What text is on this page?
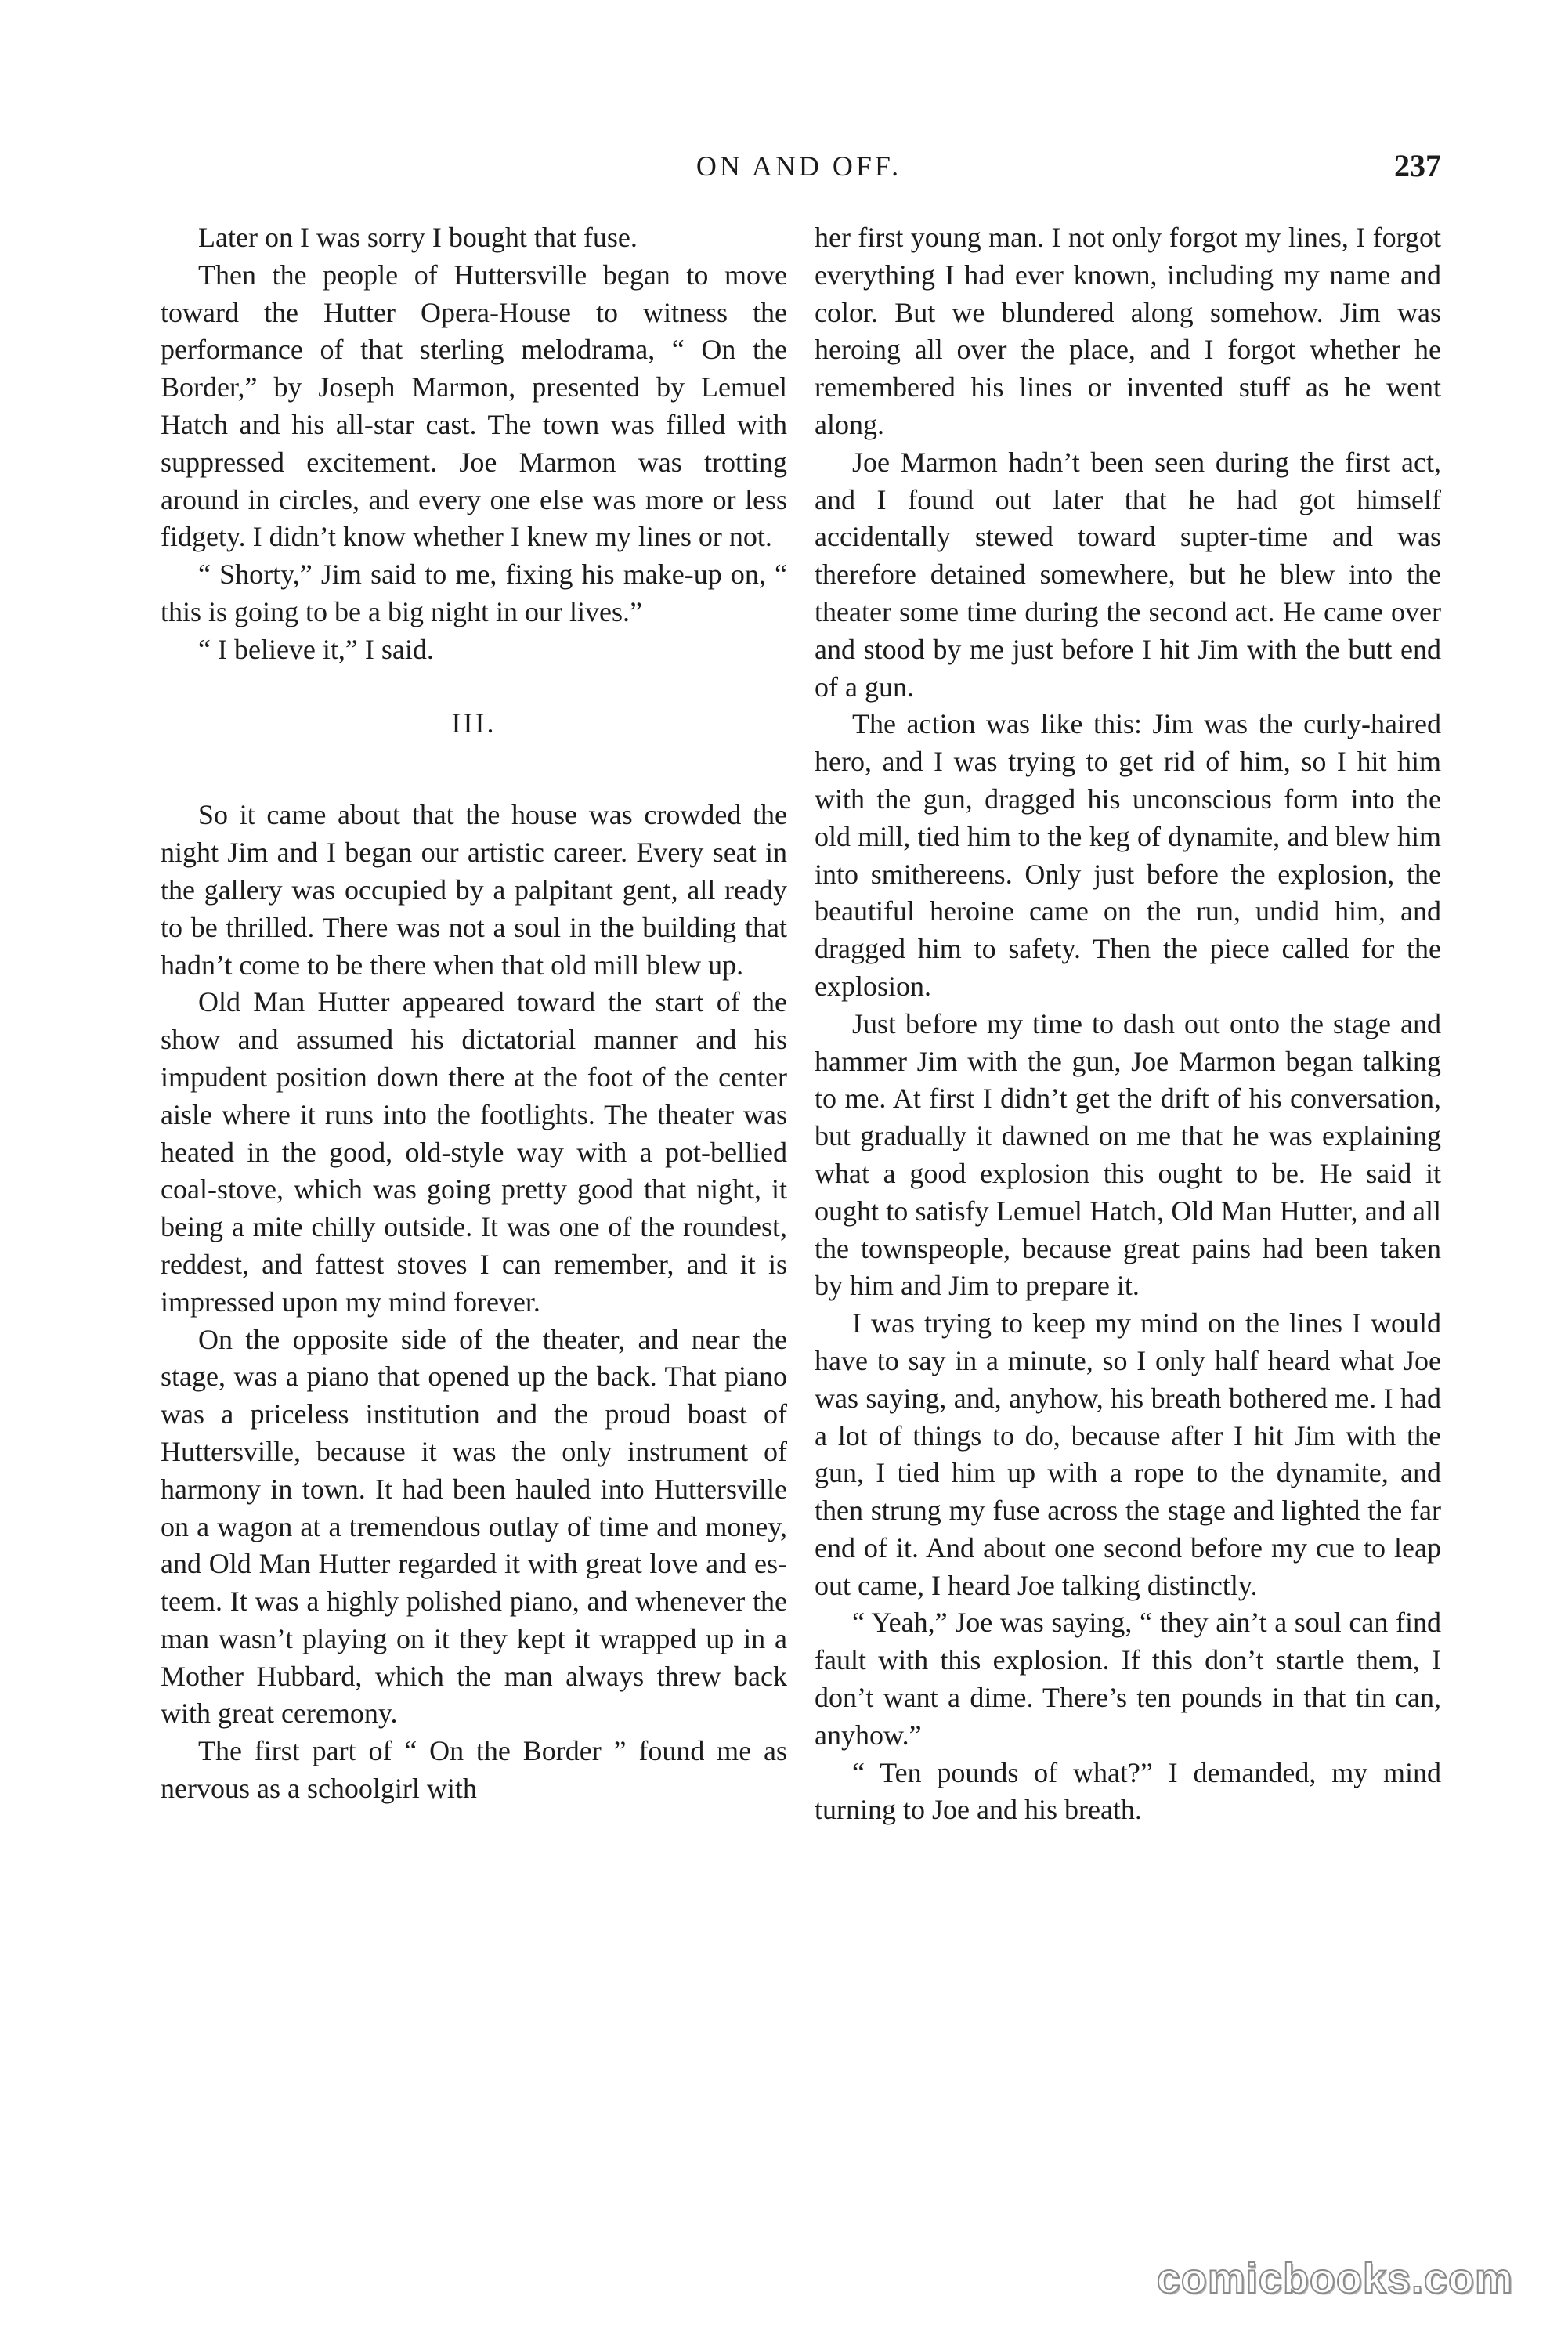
ON AND OFF.	237

Later on I was sorry I bought that fuse.

Then the people of Huttersville began to move toward the Hutter Opera-House to witness the performance of that sterling melodrama, “ On the Border,” by Joseph Marmon, presented by Lemuel Hatch and his all-star cast. The town was filled with suppressed excitement. Joe Marmon was trotting around in circles, and every one else was more or less fidgety. I didn’t know whether I knew my lines or not.

“ Shorty,” Jim said to me, fixing his make-up on, “ this is going to be a big night in our lives.”

“ I believe it,” I said.

III.

So it came about that the house was crowded the night Jim and I began our artistic career. Every seat in the gallery was occupied by a palpitant gent, all ready to be thrilled. There was not a soul in the building that hadn’t come to be there when that old mill blew up.

Old Man Hutter appeared toward the start of the show and assumed his dictatorial manner and his impudent position down there at the foot of the center aisle where it runs into the footlights. The theater was heated in the good, old-style way with a pot-bellied coal-stove, which was going pretty good that night, it being a mite chilly outside. It was one of the roundest, reddest, and fattest stoves I can remember, and it is impressed upon my mind forever.

On the opposite side of the theater, and near the stage, was a piano that opened up the back. That piano was a priceless institution and the proud boast of Huttersville, because it was the only instrument of harmony in town. It had been hauled into Huttersville on a wagon at a tremendous outlay of time and money, and Old Man Hutter regarded it with great love and esteem. It was a highly polished piano, and whenever the man wasn’t playing on it they kept it wrapped up in a Mother Hubbard, which the man always threw back with great ceremony.

The first part of “ On the Border ” found me as nervous as a schoolgirl with

her first young man. I not only forgot my lines, I forgot everything I had ever known, including my name and color. But we blundered along somehow. Jim was heroing all over the place, and I forgot whether he remembered his lines or invented stuff as he went along.

Joe Marmon hadn’t been seen during the first act, and I found out later that he had got himself accidentally stewed toward supter-time and was therefore detained somewhere, but he blew into the theater some time during the second act. He came over and stood by me just before I hit Jim with the butt end of a gun.

The action was like this: Jim was the curly-haired hero, and I was trying to get rid of him, so I hit him with the gun, dragged his unconscious form into the old mill, tied him to the keg of dynamite, and blew him into smithereens. Only just before the explosion, the beautiful heroine came on the run, undid him, and dragged him to safety. Then the piece called for the explosion.

Just before my time to dash out onto the stage and hammer Jim with the gun, Joe Marmon began talking to me. At first I didn’t get the drift of his conversation, but gradually it dawned on me that he was explaining what a good explosion this ought to be. He said it ought to satisfy Lemuel Hatch, Old Man Hutter, and all the townspeople, because great pains had been taken by him and Jim to prepare it.

I was trying to keep my mind on the lines I would have to say in a minute, so I only half heard what Joe was saying, and, anyhow, his breath bothered me. I had a lot of things to do, because after I hit Jim with the gun, I tied him up with a rope to the dynamite, and then strung my fuse across the stage and lighted the far end of it. And about one second before my cue to leap out came, I heard Joe talking distinctly.

“ Yeah,” Joe was saying, “ they ain’t a soul can find fault with this explosion. If this don’t startle them, I don’t want a dime. There’s ten pounds in that tin can, anyhow.”

“ Ten pounds of what?” I demanded, my mind turning to Joe and his breath.

comicbooks.com
